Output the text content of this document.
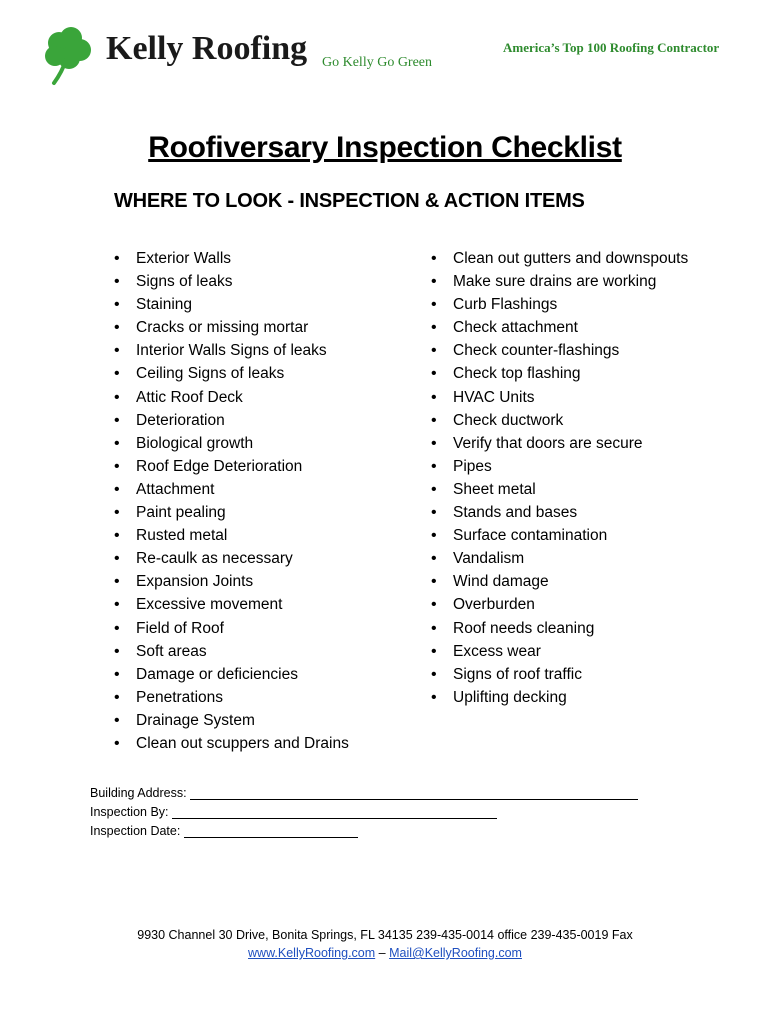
Kelly Roofing Go Kelly Go Green
America’s Top 100 Roofing Contractor
Roofiversary Inspection Checklist
WHERE TO LOOK - INSPECTION & ACTION ITEMS
• Exterior Walls
• Signs of leaks
• Staining
• Cracks or missing mortar
• Interior Walls Signs of leaks
• Ceiling Signs of leaks
• Attic Roof Deck
• Deterioration
• Biological growth
• Roof Edge Deterioration
• Attachment
• Paint pealing
• Rusted metal
• Re-caulk as necessary
• Expansion Joints
• Excessive movement
• Field of Roof
• Soft areas
• Damage or deficiencies
• Penetrations
• Drainage System
• Clean out scuppers and Drains
• Clean out gutters and downspouts
• Make sure drains are working
• Curb Flashings
• Check attachment
• Check counter-flashings
• Check top flashing
• HVAC Units
• Check ductwork
• Verify that doors are secure
• Pipes
• Sheet metal
• Stands and bases
• Surface contamination
• Vandalism
• Wind damage
• Overburden
• Roof needs cleaning
• Excess wear
• Signs of roof traffic
• Uplifting decking
Building Address:
Inspection By:
Inspection Date:
9930 Channel 30 Drive, Bonita Springs, FL 34135 239-435-0014 office 239-435-0019 Fax
www.KellyRoofing.com – Mail@KellyRoofing.com
